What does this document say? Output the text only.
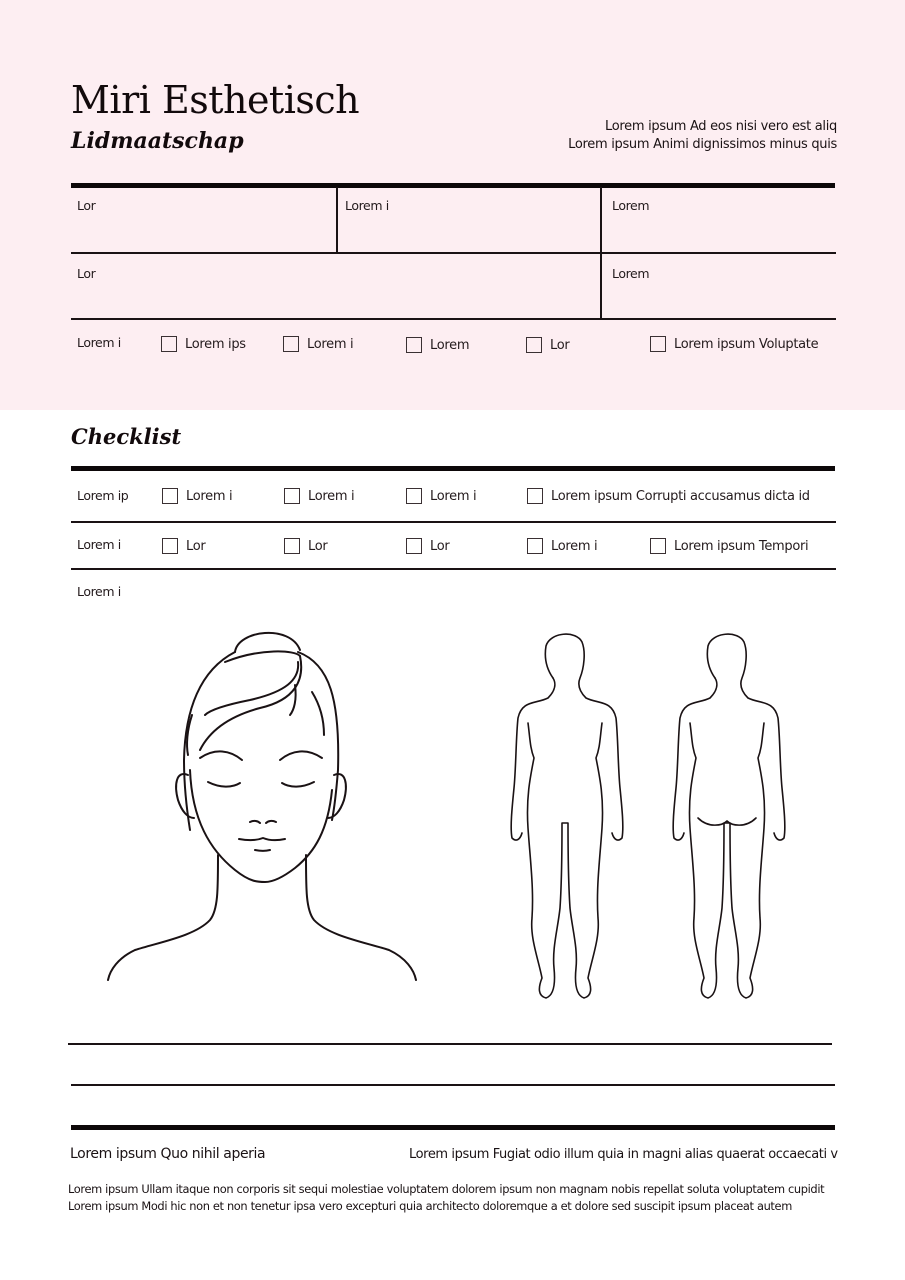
Miri Esthetisch
Lidmaatschap
Lorem ipsum Ad eos nisi vero est aliq
Lorem ipsum Animi dignissimos minus quis
Lor	Lorem i	Lorem
Lor	Lorem
Lorem i	Lorem ips	Lorem i	Lorem	Lor	Lorem ipsum Voluptate
Checklist
Lorem ip	Lorem i	Lorem i	Lorem i	Lorem ipsum Corrupti accusamus dicta id
Lorem i	Lor	Lor	Lor	Lorem i	Lorem ipsum Tempori
Lorem i
Lorem ipsum Quo nihil aperia	Lorem ipsum Fugiat odio illum quia in magni alias quaerat occaecati v
Lorem ipsum Ullam itaque non corporis sit sequi molestiae voluptatem dolorem ipsum non magnam nobis repellat soluta voluptatem cupidit
Lorem ipsum Modi hic non et non tenetur ipsa vero excepturi quia architecto doloremque a et dolore sed suscipit ipsum placeat autem
